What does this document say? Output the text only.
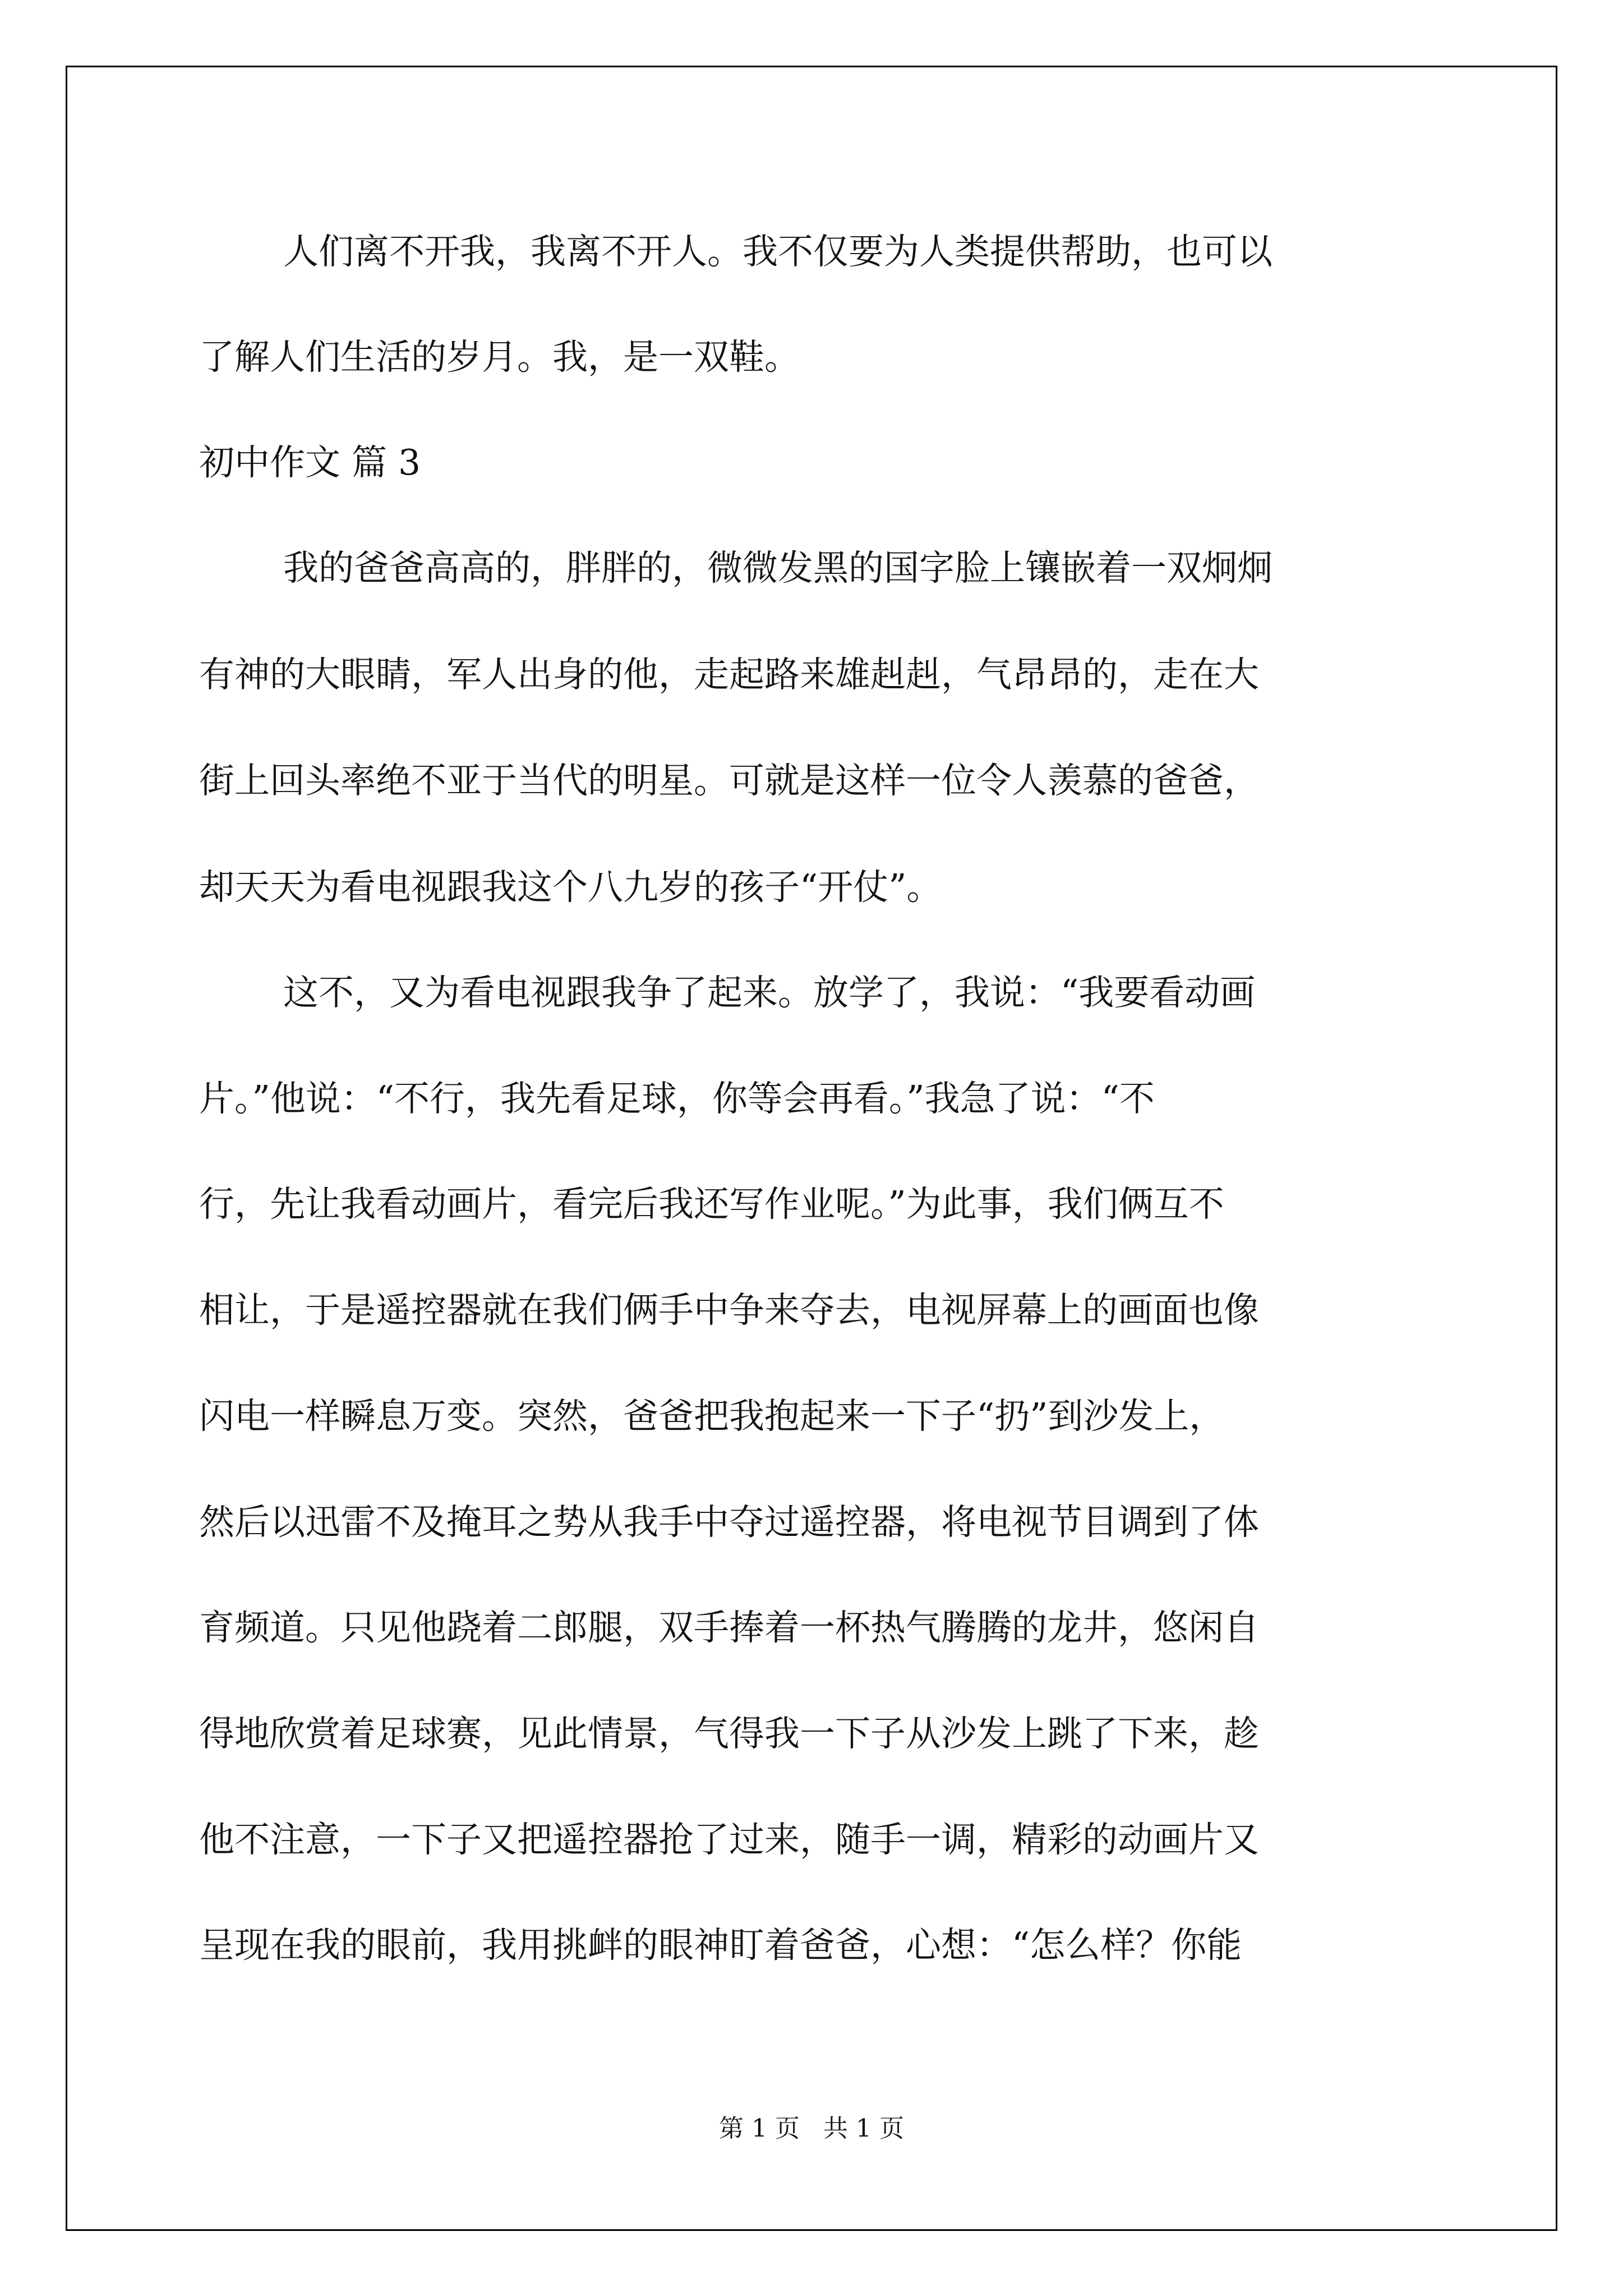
人们离不开我，我离不开人。我不仅要为人类提供帮助，也可以

了解人们生活的岁月。我，是一双鞋。

初中作文 篇 3

我的爸爸高高的，胖胖的，微微发黑的国字脸上镶嵌着一双炯炯

有神的大眼睛，军人出身的他，走起路来雄赳赳，气昂昂的，走在大

街上回头率绝不亚于当代的明星。可就是这样一位令人羡慕的爸爸，

却天天为看电视跟我这个八九岁的孩子“开仗”。

这不，又为看电视跟我争了起来。放学了，我说：“我要看动画

片。”他说：“不行，我先看足球，你等会再看。”我急了说：“不

行，先让我看动画片，看完后我还写作业呢。”为此事，我们俩互不

相让，于是遥控器就在我们俩手中争来夺去，电视屏幕上的画面也像

闪电一样瞬息万变。突然，爸爸把我抱起来一下子“扔”到沙发上，

然后以迅雷不及掩耳之势从我手中夺过遥控器，将电视节目调到了体

育频道。只见他跷着二郎腿，双手捧着一杯热气腾腾的龙井，悠闲自

得地欣赏着足球赛，见此情景，气得我一下子从沙发上跳了下来，趁

他不注意，一下子又把遥控器抢了过来，随手一调，精彩的动画片又

呈现在我的眼前，我用挑衅的眼神盯着爸爸，心想：“怎么样？你能

第 1 页   共 1 页
